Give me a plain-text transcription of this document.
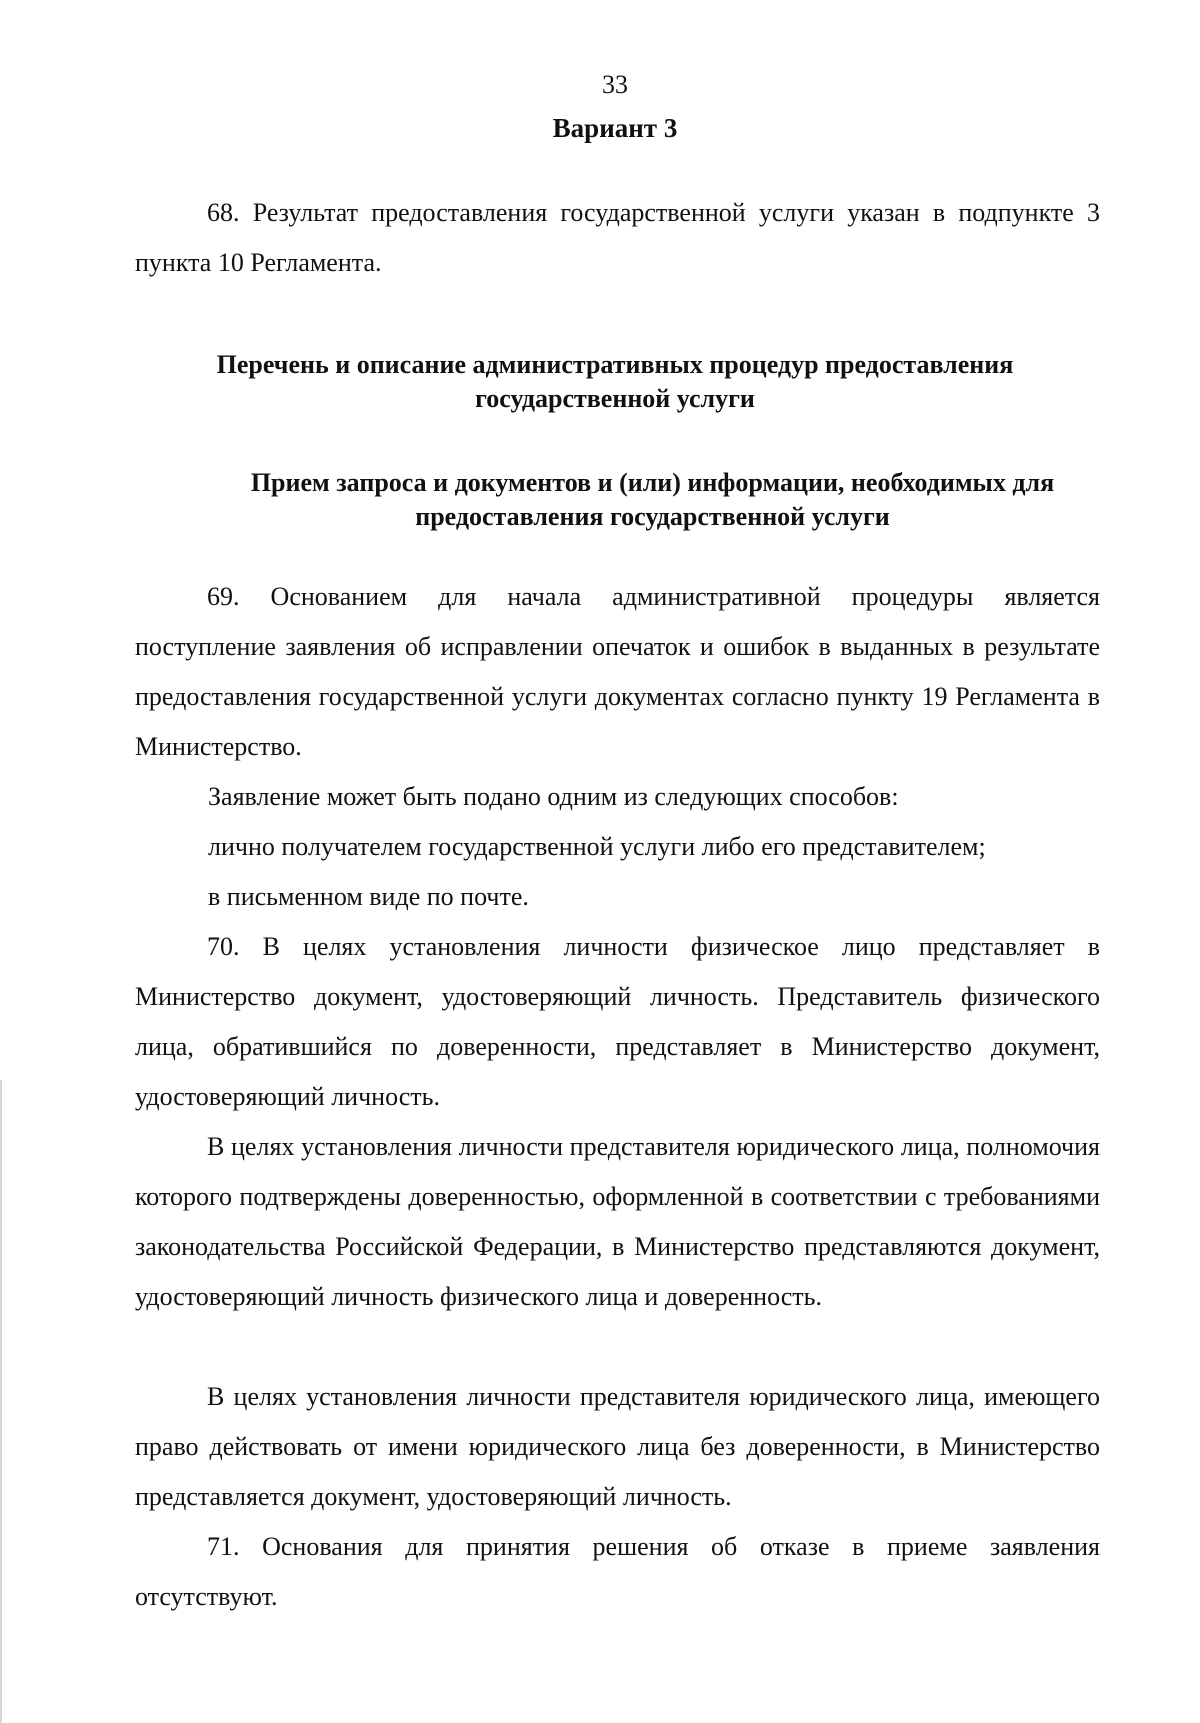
33
Вариант 3

68. Результат предоставления государственной услуги указан в подпункте 3 пункта 10 Регламента.

Перечень и описание административных процедур предоставления государственной услуги

Прием запроса и документов и (или) информации, необходимых для предоставления государственной услуги

69. Основанием для начала административной процедуры является поступление заявления об исправлении опечаток и ошибок в выданных в результате предоставления государственной услуги документах согласно пункту 19 Регламента в Министерство.

Заявление может быть подано одним из следующих способов:

лично получателем государственной услуги либо его представителем;

в письменном виде по почте.

70. В целях установления личности физическое лицо представляет в Министерство документ, удостоверяющий личность. Представитель физического лица, обратившийся по доверенности, представляет в Министерство документ, удостоверяющий личность.

В целях установления личности представителя юридического лица, полномочия которого подтверждены доверенностью, оформленной в соответствии с требованиями законодательства Российской Федерации, в Министерство представляются документ, удостоверяющий личность физического лица и доверенность.

В целях установления личности представителя юридического лица, имеющего право действовать от имени юридического лица без доверенности, в Министерство представляется документ, удостоверяющий личность.

71. Основания для принятия решения об отказе в приеме заявления отсутствуют.
